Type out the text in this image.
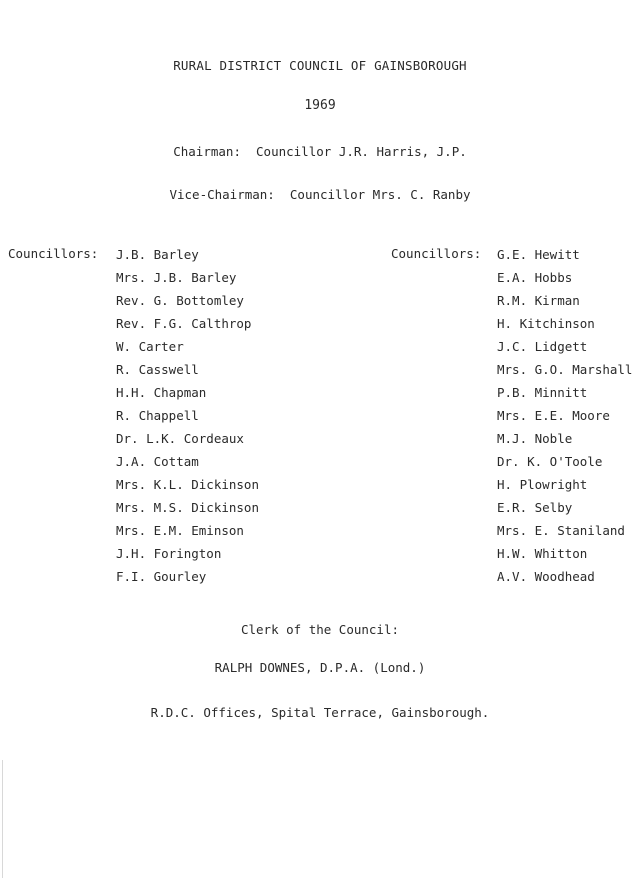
RURAL DISTRICT COUNCIL OF GAINSBOROUGH
1969
Chairman: Councillor J.R. Harris, J.P.
Vice-Chairman: Councillor Mrs. C. Ranby
Councillors:	Councillors:
J.B. Barley
Mrs. J.B. Barley
Rev. G. Bottomley
Rev. F.G. Calthrop
W. Carter
R. Casswell
H.H. Chapman
R. Chappell
Dr. L.K. Cordeaux
J.A. Cottam
Mrs. K.L. Dickinson
Mrs. M.S. Dickinson
Mrs. E.M. Eminson
J.H. Forington
F.I. Gourley
G.E. Hewitt
E.A. Hobbs
R.M. Kirman
H. Kitchinson
J.C. Lidgett
Mrs. G.O. Marshall
P.B. Minnitt
Mrs. E.E. Moore
M.J. Noble
Dr. K. O'Toole
H. Plowright
E.R. Selby
Mrs. E. Staniland
H.W. Whitton
A.V. Woodhead
Clerk of the Council:
RALPH DOWNES, D.P.A. (Lond.)
R.D.C. Offices, Spital Terrace, Gainsborough.
